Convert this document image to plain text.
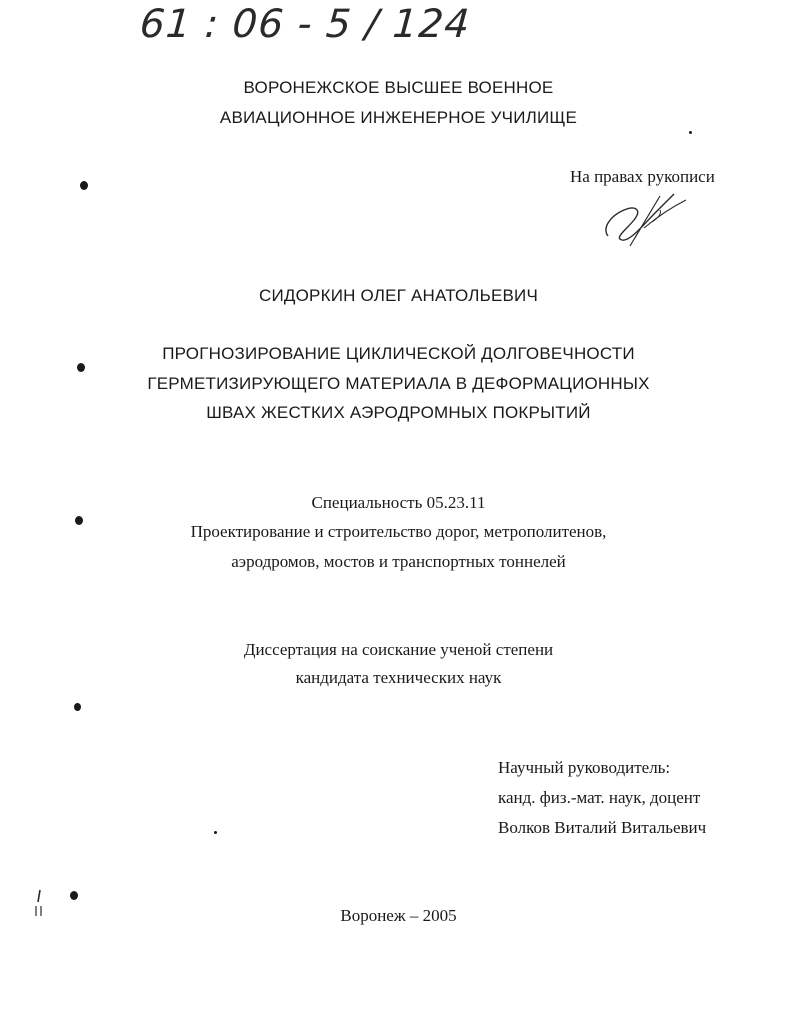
61 : 06 - 5 / 124
ВОРОНЕЖСКОЕ ВЫСШЕЕ ВОЕННОЕ
АВИАЦИОННОЕ ИНЖЕНЕРНОЕ УЧИЛИЩЕ
На правах рукописи
СИДОРКИН ОЛЕГ АНАТОЛЬЕВИЧ
ПРОГНОЗИРОВАНИЕ ЦИКЛИЧЕСКОЙ ДОЛГОВЕЧНОСТИ
ГЕРМЕТИЗИРУЮЩЕГО МАТЕРИАЛА В ДЕФОРМАЦИОННЫХ
ШВАХ ЖЕСТКИХ АЭРОДРОМНЫХ ПОКРЫТИЙ
Специальность 05.23.11
Проектирование и строительство дорог, метрополитенов,
аэродромов, мостов и транспортных тоннелей
Диссертация на соискание ученой степени
кандидата технических наук
Научный руководитель:
канд. физ.-мат. наук, доцент
Волков Виталий Витальевич
Воронеж – 2005
